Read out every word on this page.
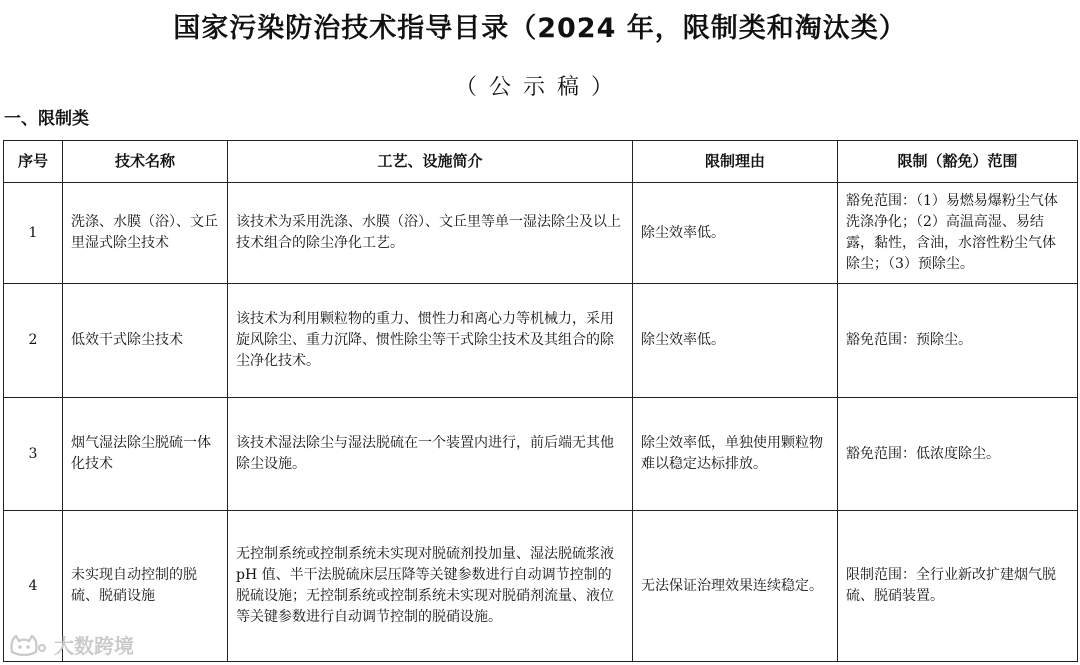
国家污染防治技术指导目录（2024 年，限制类和淘汰类）
（公示稿）
一、限制类
序号	技术名称	工艺、设施简介	限制理由	限制（豁免）范围
1	洗涤、水膜（浴）、文丘里湿式除尘技术	该技术为采用洗涤、水膜（浴）、文丘里等单一湿法除尘及以上技术组合的除尘净化工艺。	除尘效率低。	豁免范围：（1）易燃易爆粉尘气体洗涤净化；（2）高温高湿、易结露，黏性，含油，水溶性粉尘气体除尘；（3）预除尘。
2	低效干式除尘技术	该技术为利用颗粒物的重力、惯性力和离心力等机械力，采用旋风除尘、重力沉降、惯性除尘等干式除尘技术及其组合的除尘净化技术。	除尘效率低。	豁免范围：预除尘。
3	烟气湿法除尘脱硫一体化技术	该技术湿法除尘与湿法脱硫在一个装置内进行，前后端无其他除尘设施。	除尘效率低，单独使用颗粒物难以稳定达标排放。	豁免范围：低浓度除尘。
4	未实现自动控制的脱硫、脱硝设施	无控制系统或控制系统未实现对脱硫剂投加量、湿法脱硫浆液 pH 值、半干法脱硫床层压降等关键参数进行自动调节控制的脱硫设施；无控制系统或控制系统未实现对脱硝剂流量、液位等关键参数进行自动调节控制的脱硝设施。	无法保证治理效果连续稳定。	限制范围：全行业新改扩建烟气脱硫、脱硝装置。
大数跨境
